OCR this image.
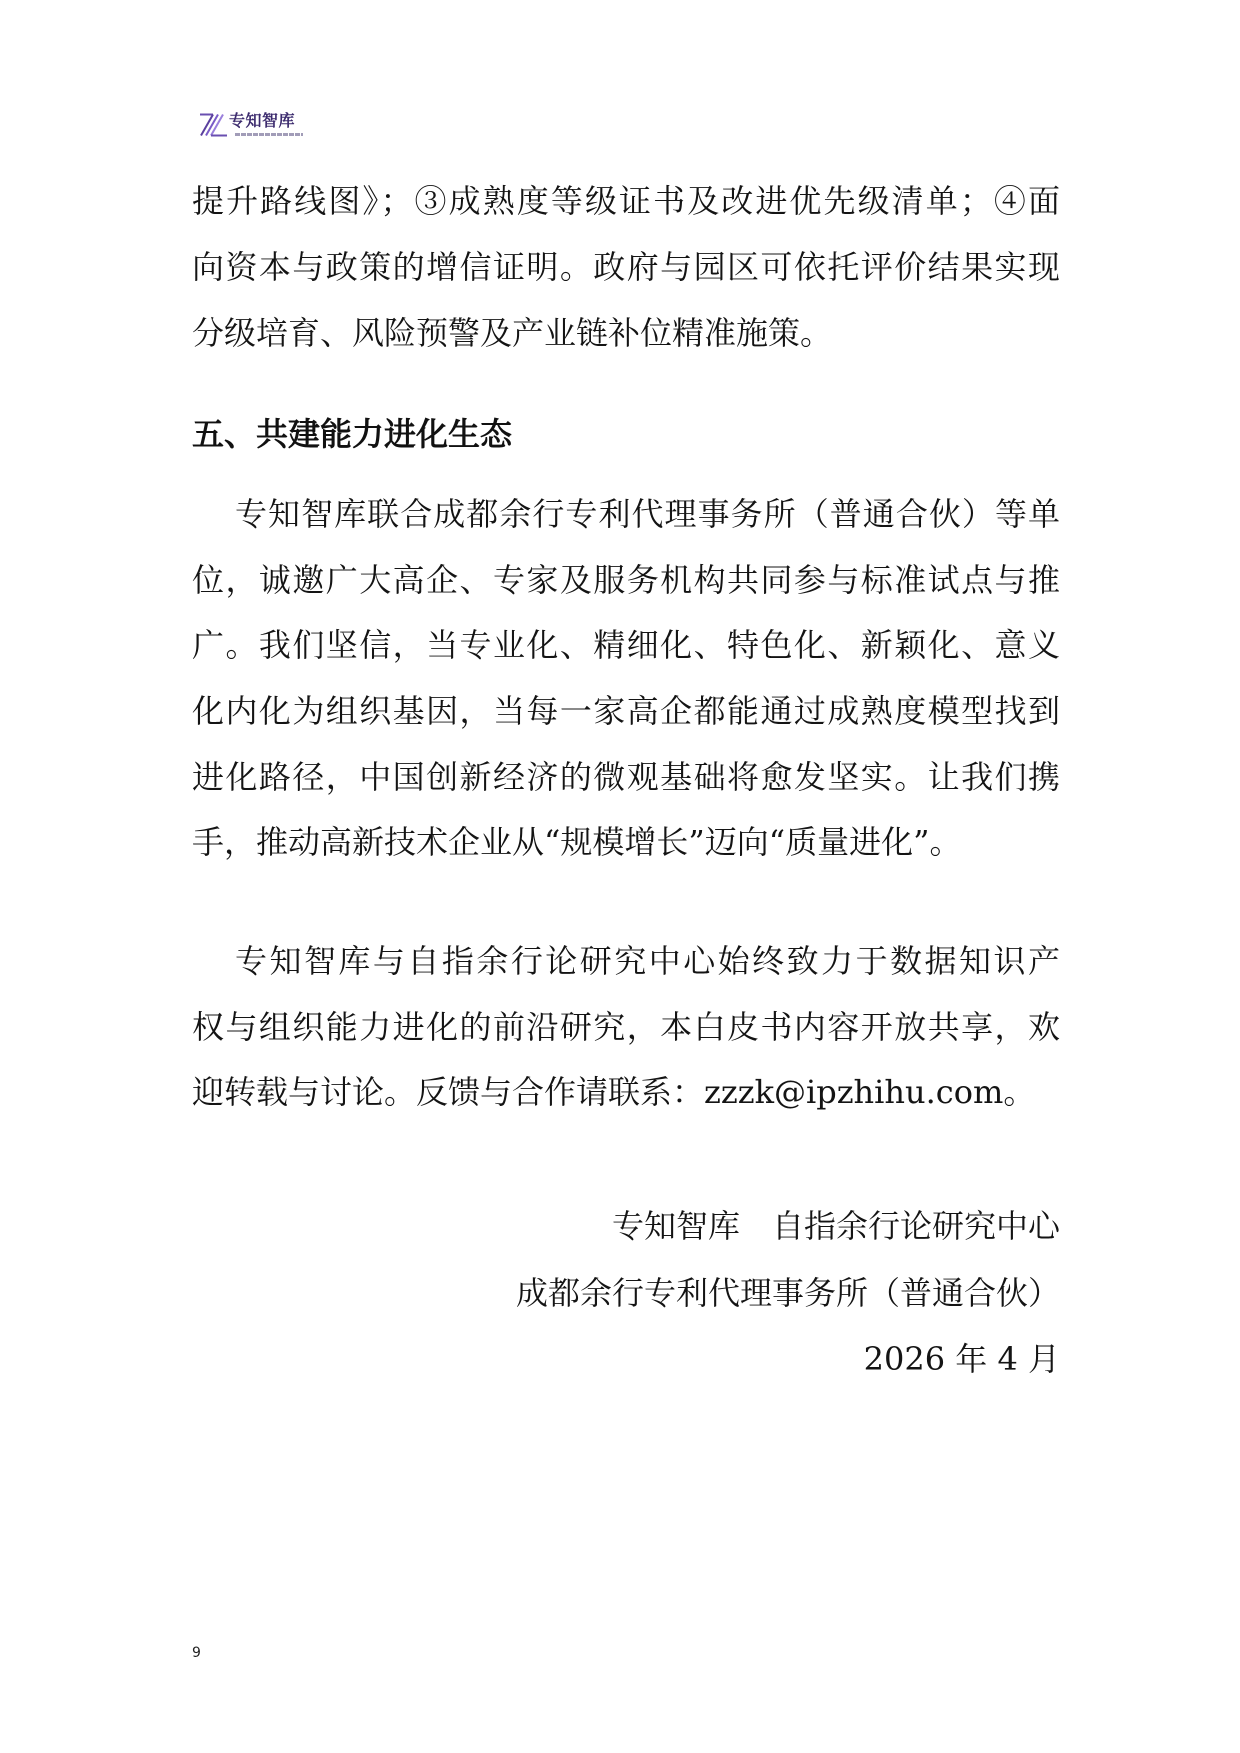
专知智库
提升路线图》；③成熟度等级证书及改进优先级清单；④面
向资本与政策的增信证明。政府与园区可依托评价结果实现
分级培育、风险预警及产业链补位精准施策。
五、共建能力进化生态
专知智库联合成都余行专利代理事务所（普通合伙）等单
位，诚邀广大高企、专家及服务机构共同参与标准试点与推
广。我们坚信，当专业化、精细化、特色化、新颖化、意义
化内化为组织基因，当每一家高企都能通过成熟度模型找到
进化路径，中国创新经济的微观基础将愈发坚实。让我们携
手，推动高新技术企业从“规模增长”迈向“质量进化”。
专知智库与自指余行论研究中心始终致力于数据知识产
权与组织能力进化的前沿研究，本白皮书内容开放共享，欢
迎转载与讨论。反馈与合作请联系：zzzk@ipzhihu.com。
专知智库　自指余行论研究中心
成都余行专利代理事务所（普通合伙）
2026 年 4 月
9
